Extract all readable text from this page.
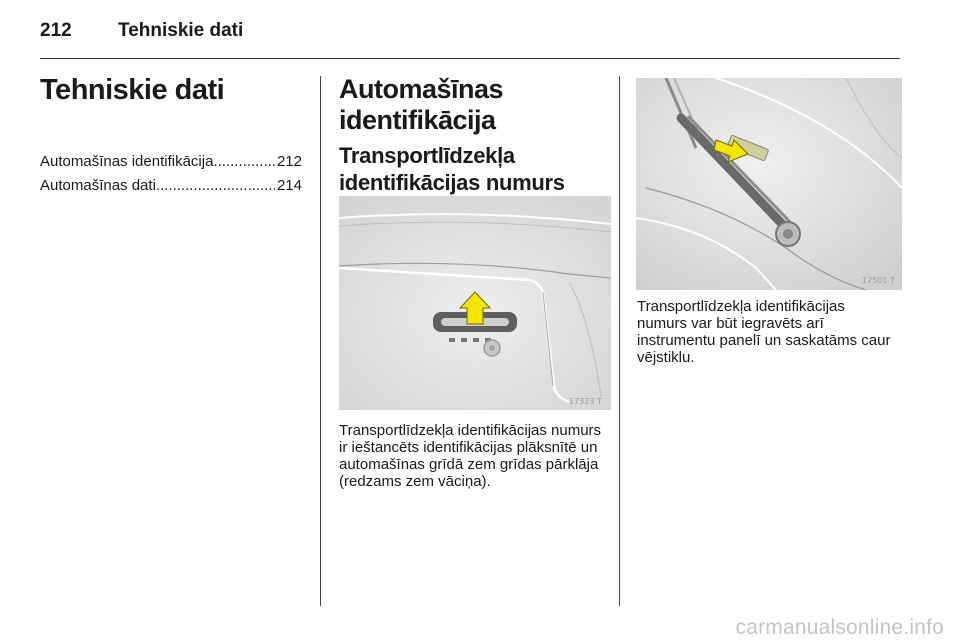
212 Tehniskie dati
Tehniskie dati
Automašīnas identifikācija .....	212
Automašīnas dati .....	214
Automašīnas identifikācija
Transportlīdzekļa identifikācijas numurs
17323 T
Transportlīdzekļa identifikācijas numurs ir ieštancēts identifikācijas plāksnītē un automašīnas grīdā zem grīdas pārklāja (redzams zem vāciņa).
17501 T
Transportlīdzekļa identifikācijas numurs var būt iegravēts arī instrumentu panelī un saskatāms caur vējstiklu.
carmanualsonline.info
